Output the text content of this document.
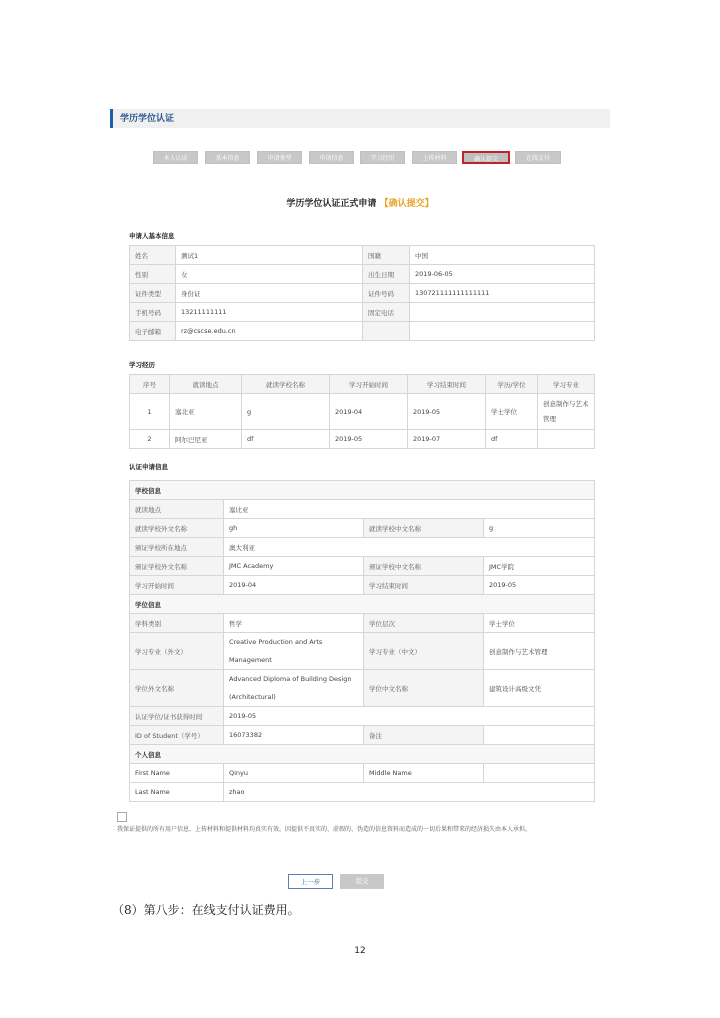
学历学位认证
本人认证	基本信息	申请类型	申请信息	学习经历	上传材料	确认提交	在线支付
学历学位认证正式申请 【确认提交】
申请人基本信息
姓名	测试1	国籍	中国
性别	女	出生日期	2019-06-05
证件类型	身份证	证件号码	130721111111111111
手机号码	13211111111	固定电话	
电子邮箱	rz@cscse.edu.cn		
学习经历
序号	就读地点	就读学校名称	学习开始时间	学习结束时间	学历/学位	学习专业
1	塞北亚	g	2019-04	2019-05	学士学位	创意制作与艺术管理
2	阿尔巴尼亚	df	2019-05	2019-07	df	
认证申请信息
学校信息			
就读地点	塞比亚		
就读学校外文名称	gh	就读学校中文名称	g
颁证学校所在地点	澳大利亚		
颁证学校外文名称	JMC Academy	颁证学校中文名称	JMC学院
学习开始时间	2019-04	学习结束时间	2019-05
学位信息			
学科类别	哲学	学位层次	学士学位
学习专业（外文）	Creative Production and Arts
Management	学习专业（中文）	创意制作与艺术管理
学位外文名称	Advanced Diploma of Building Design
(Architectural)	学位中文名称	建筑设计高级文凭
认证学位/证书获得时间	2019-05		
ID of Student（学号）	16073382	备注	
个人信息			
First Name	Qinyu	Middle Name	
Last Name	zhao		
我保证提供的所有用户信息、上传材料和提供材料均真实有效。因提供不真实的、虚假的、伪造的信息资料而造成的一切后果和带来的经济损失由本人承担。
上一步	提交
（8）第八步：在线支付认证费用。
12
